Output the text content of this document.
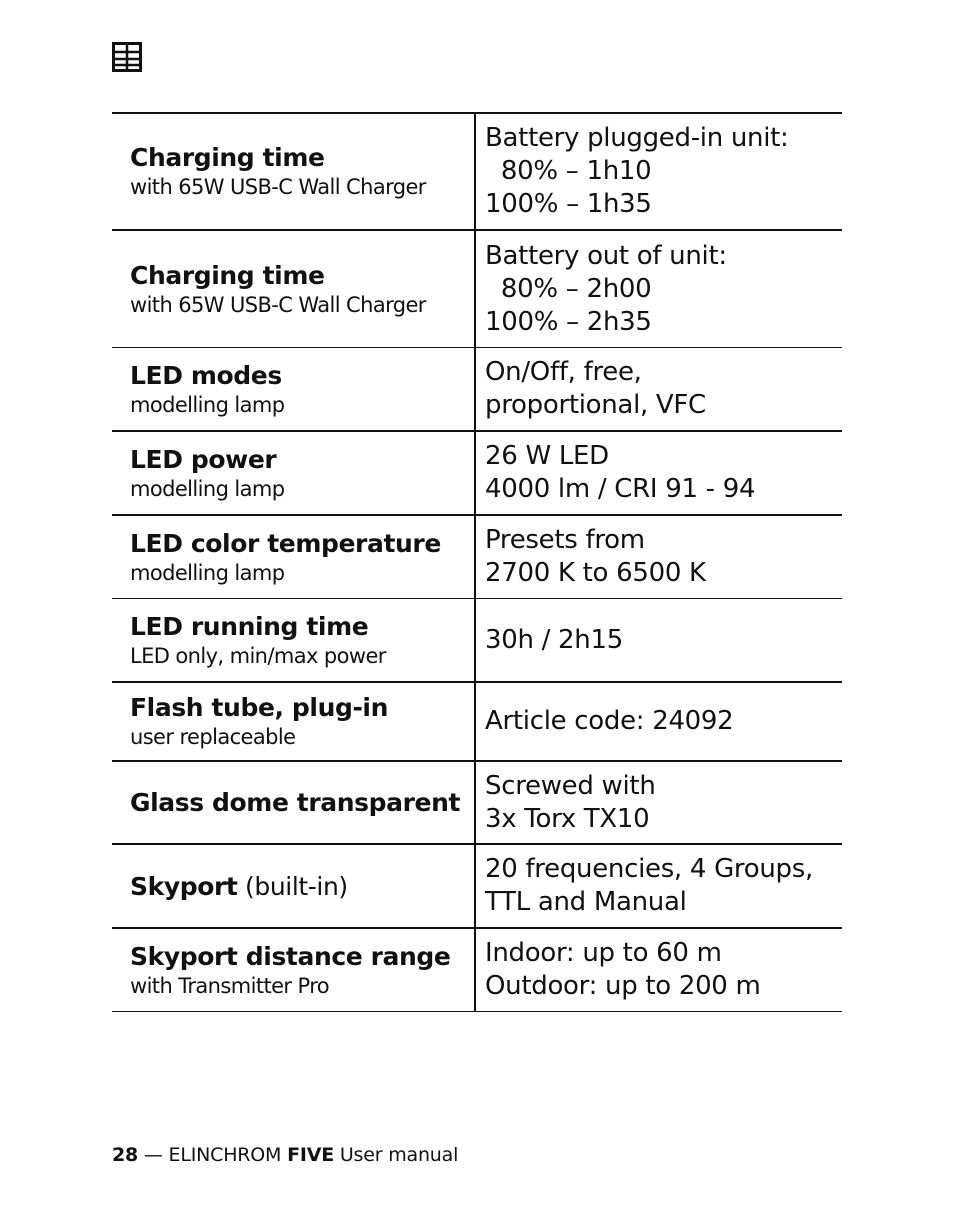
Charging time
with 65W USB-C Wall Charger
Battery plugged-in unit:
80% – 1h10
100% – 1h35
Charging time
with 65W USB-C Wall Charger
Battery out of unit:
80% – 2h00
100% – 2h35
LED modes
modelling lamp
On/Off, free,
proportional, VFC
LED power
modelling lamp
26 W LED
4000 lm / CRI 91 - 94
LED color temperature
modelling lamp
Presets from
2700 K to 6500 K
LED running time
LED only, min/max power
30h / 2h15
Flash tube, plug-in
user replaceable
Article code: 24092
Glass dome transparent
Screwed with
3x Torx TX10
Skyport (built-in)
20 frequencies, 4 Groups,
TTL and Manual
Skyport distance range
with Transmitter Pro
Indoor: up to 60 m
Outdoor: up to 200 m
28 — ELINCHROM FIVE User manual
